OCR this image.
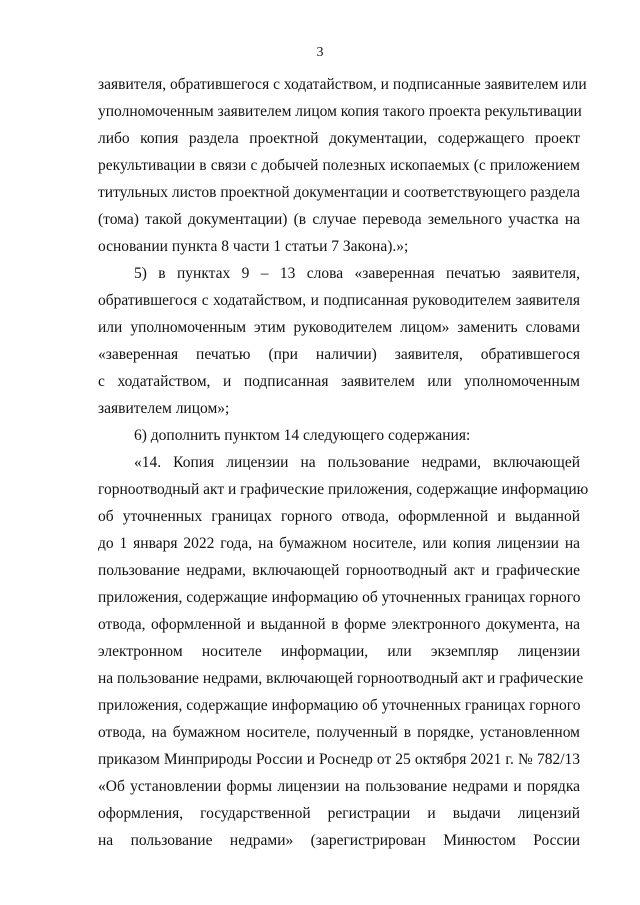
3
заявителя, обратившегося с ходатайством, и подписанные заявителем или
уполномоченным заявителем лицом копия такого проекта рекультивации
либо копия раздела проектной документации, содержащего проект
рекультивации в связи с добычей полезных ископаемых (с приложением
титульных листов проектной документации и соответствующего раздела
(тома) такой документации) (в случае перевода земельного участка на
основании пункта 8 части 1 статьи 7 Закона).»;
5) в пунктах 9 – 13 слова «заверенная печатью заявителя,
обратившегося с ходатайством, и подписанная руководителем заявителя
или уполномоченным этим руководителем лицом» заменить словами
«заверенная печатью (при наличии) заявителя, обратившегося
с ходатайством, и подписанная заявителем или уполномоченным
заявителем лицом»;
6) дополнить пунктом 14 следующего содержания:
«14. Копия лицензии на пользование недрами, включающей
горноотводный акт и графические приложения, содержащие информацию
об уточненных границах горного отвода, оформленной и выданной
до 1 января 2022 года, на бумажном носителе, или копия лицензии на
пользование недрами, включающей горноотводный акт и графические
приложения, содержащие информацию об уточненных границах горного
отвода, оформленной и выданной в форме электронного документа, на
электронном носителе информации, или экземпляр лицензии
на пользование недрами, включающей горноотводный акт и графические
приложения, содержащие информацию об уточненных границах горного
отвода, на бумажном носителе, полученный в порядке, установленном
приказом Минприроды России и Роснедр от 25 октября 2021 г. № 782/13
«Об установлении формы лицензии на пользование недрами и порядка
оформления, государственной регистрации и выдачи лицензий
на пользование недрами» (зарегистрирован Минюстом России
